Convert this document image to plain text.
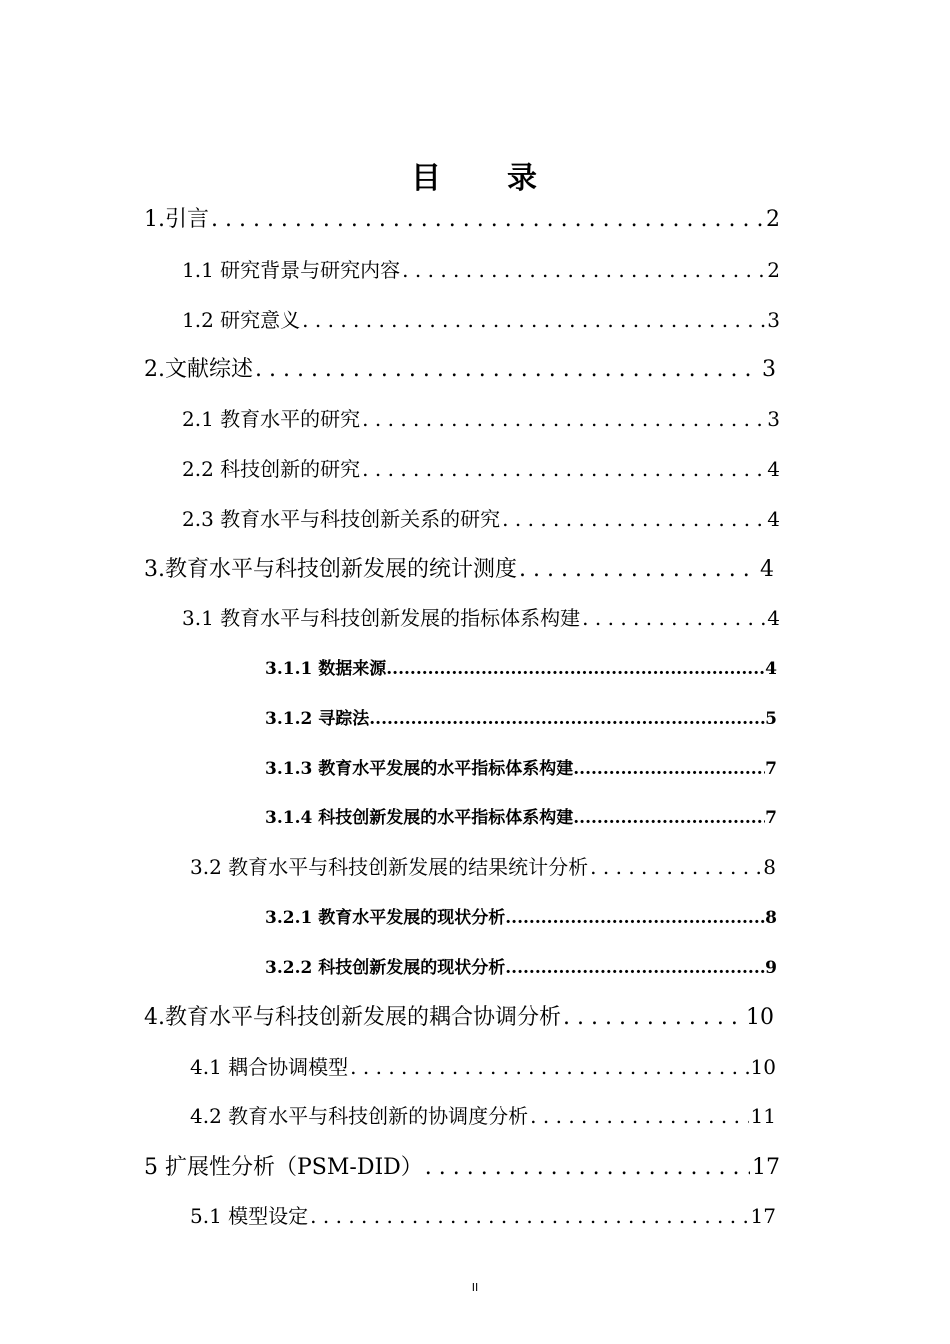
目　　录
1.引言 . . .	2
1.1 研究背景与研究内容 . . .	2
1.2 研究意义 . . .	3
2.文献综述 . . .	3
2.1 教育水平的研究 . . .	3
2.2 科技创新的研究 . . .	4
2.3 教育水平与科技创新关系的研究 . . .	4
3.教育水平与科技创新发展的统计测度 . . .	4
3.1 教育水平与科技创新发展的指标体系构建 . . .	4
3.1.1 数据来源 .....	4
3.1.2 寻踪法 .....	5
3.1.3 教育水平发展的水平指标体系构建 .....	7
3.1.4 科技创新发展的水平指标体系构建 .....	7
3.2 教育水平与科技创新发展的结果统计分析 . . .	8
3.2.1 教育水平发展的现状分析 .....	8
3.2.2 科技创新发展的现状分析 .....	9
4.教育水平与科技创新发展的耦合协调分析 . . .	10
4.1 耦合协调模型 . . .	10
4.2 教育水平与科技创新的协调度分析 . . .	11
5 扩展性分析（PSM-DID） . . .	17
5.1 模型设定 . . .	17
II
